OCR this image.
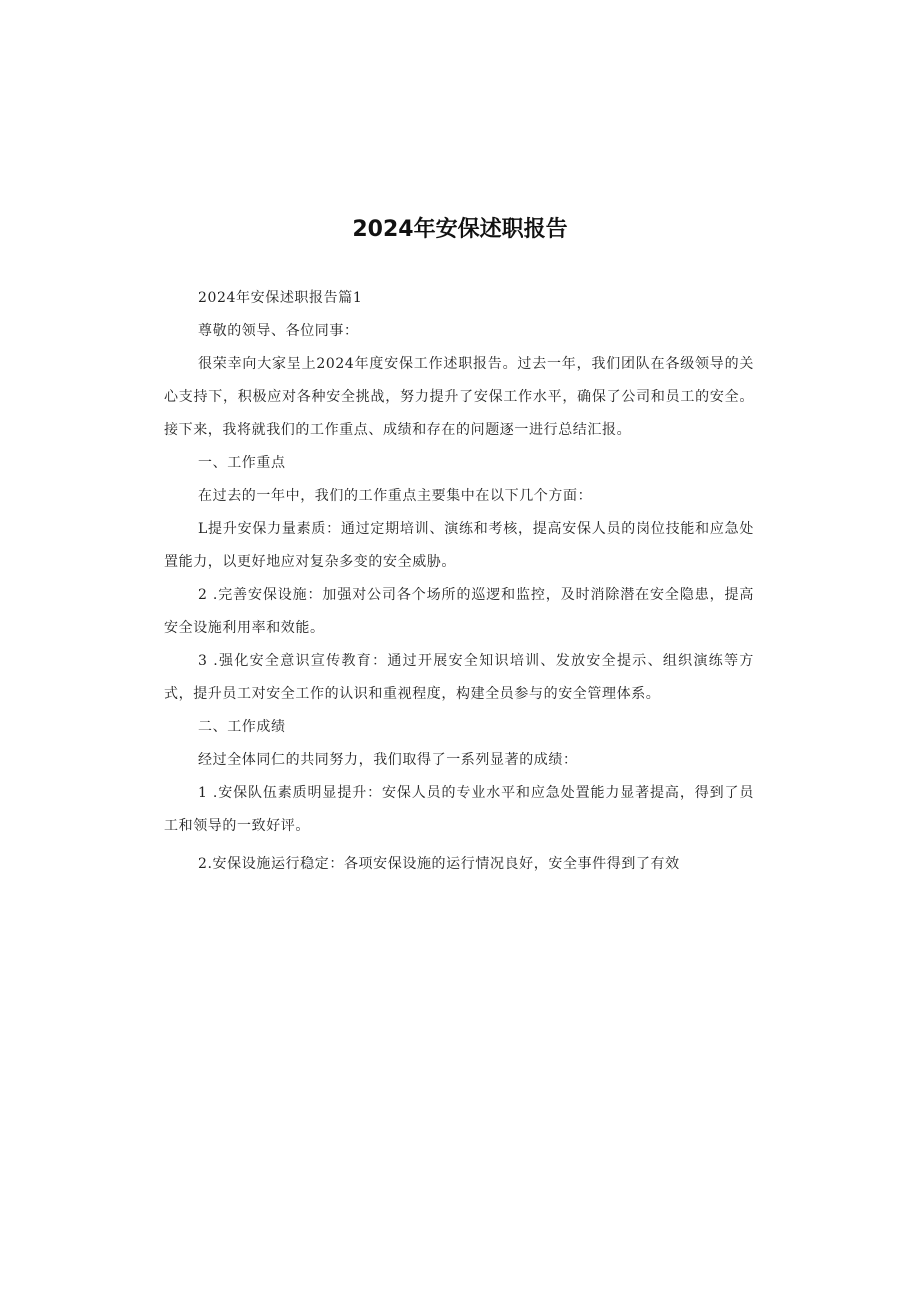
2024年安保述职报告

2024年安保述职报告篇1

尊敬的领导、各位同事：

很荣幸向大家呈上2024年度安保工作述职报告。过去一年，我们团队在各级领导的关心支持下，积极应对各种安全挑战，努力提升了安保工作水平，确保了公司和员工的安全。接下来，我将就我们的工作重点、成绩和存在的问题逐一进行总结汇报。

一、工作重点

在过去的一年中，我们的工作重点主要集中在以下几个方面：

L提升安保力量素质：通过定期培训、演练和考核，提高安保人员的岗位技能和应急处置能力，以更好地应对复杂多变的安全威胁。

2 .完善安保设施：加强对公司各个场所的巡逻和监控，及时消除潜在安全隐患，提高安全设施利用率和效能。

3 .强化安全意识宣传教育：通过开展安全知识培训、发放安全提示、组织演练等方式，提升员工对安全工作的认识和重视程度，构建全员参与的安全管理体系。

二、工作成绩

经过全体同仁的共同努力，我们取得了一系列显著的成绩：

1 .安保队伍素质明显提升：安保人员的专业水平和应急处置能力显著提高，得到了员工和领导的一致好评。

2.安保设施运行稳定：各项安保设施的运行情况良好，安全事件得到了有效
